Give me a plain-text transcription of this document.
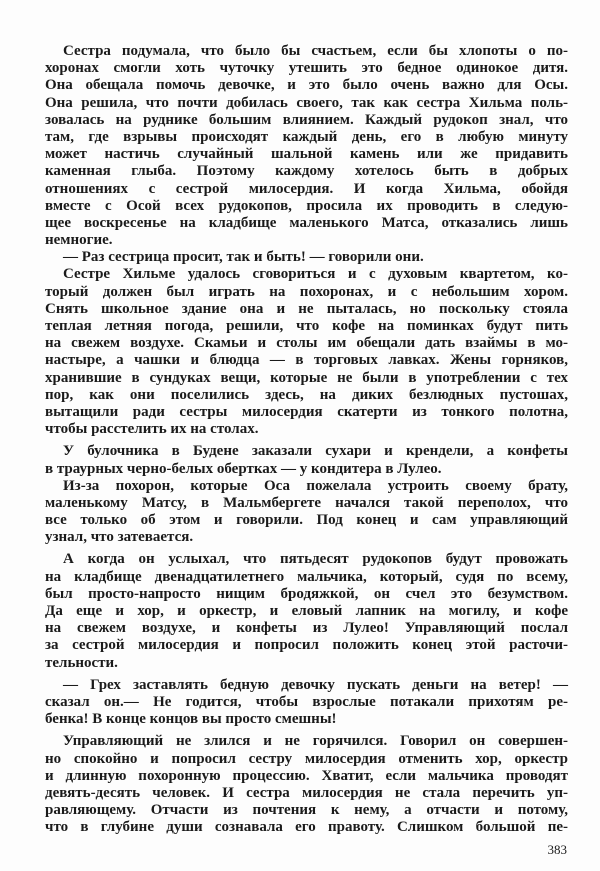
Сестра подумала, что было бы счастьем, если бы хлопоты о по-
хоронах смогли хоть чуточку утешить это бедное одинокое дитя.
Она обещала помочь девочке, и это было очень важно для Осы.
Она решила, что почти добилась своего, так как сестра Хильма поль-
зовалась на руднике большим влиянием. Каждый рудокоп знал, что
там, где взрывы происходят каждый день, его в любую минуту
может настичь случайный шальной камень или же придавить
каменная глыба. Поэтому каждому хотелось быть в добрых
отношениях с сестрой милосердия. И когда Хильма, обойдя
вместе с Осой всех рудокопов, просила их проводить в следую-
щее воскресенье на кладбище маленького Матса, отказались лишь
немногие.
— Раз сестрица просит, так и быть! — говорили они.
Сестре Хильме удалось сговориться и с духовым квартетом, ко-
торый должен был играть на похоронах, и с небольшим хором.
Снять школьное здание она и не пыталась, но поскольку стояла
теплая летняя погода, решили, что кофе на поминках будут пить
на свежем воздухе. Скамьи и столы им обещали дать взаймы в мо-
настыре, а чашки и блюдца — в торговых лавках. Жены горняков,
хранившие в сундуках вещи, которые не были в употреблении с тех
пор, как они поселились здесь, на диких безлюдных пустошах,
вытащили ради сестры милосердия скатерти из тонкого полотна,
чтобы расстелить их на столах.
У булочника в Будене заказали сухари и крендели, а конфеты
в траурных черно-белых обертках — у кондитера в Лулео.
Из-за похорон, которые Оса пожелала устроить своему брату,
маленькому Матсу, в Мальмбергете начался такой переполох, что
все только об этом и говорили. Под конец и сам управляющий
узнал, что затевается.
А когда он услыхал, что пятьдесят рудокопов будут провожать
на кладбище двенадцатилетнего мальчика, который, судя по всему,
был просто-напросто нищим бродяжкой, он счел это безумством.
Да еще и хор, и оркестр, и еловый лапник на могилу, и кофе
на свежем воздухе, и конфеты из Лулео! Управляющий послал
за сестрой милосердия и попросил положить конец этой расточи-
тельности.
— Грех заставлять бедную девочку пускать деньги на ветер! —
сказал он.— Не годится, чтобы взрослые потакали прихотям ре-
бенка! В конце концов вы просто смешны!
Управляющий не злился и не горячился. Говорил он совершен-
но спокойно и попросил сестру милосердия отменить хор, оркестр
и длинную похоронную процессию. Хватит, если мальчика проводят
девять-десять человек. И сестра милосердия не стала перечить уп-
равляющему. Отчасти из почтения к нему, а отчасти и потому,
что в глубине души сознавала его правоту. Слишком большой пе-
383
